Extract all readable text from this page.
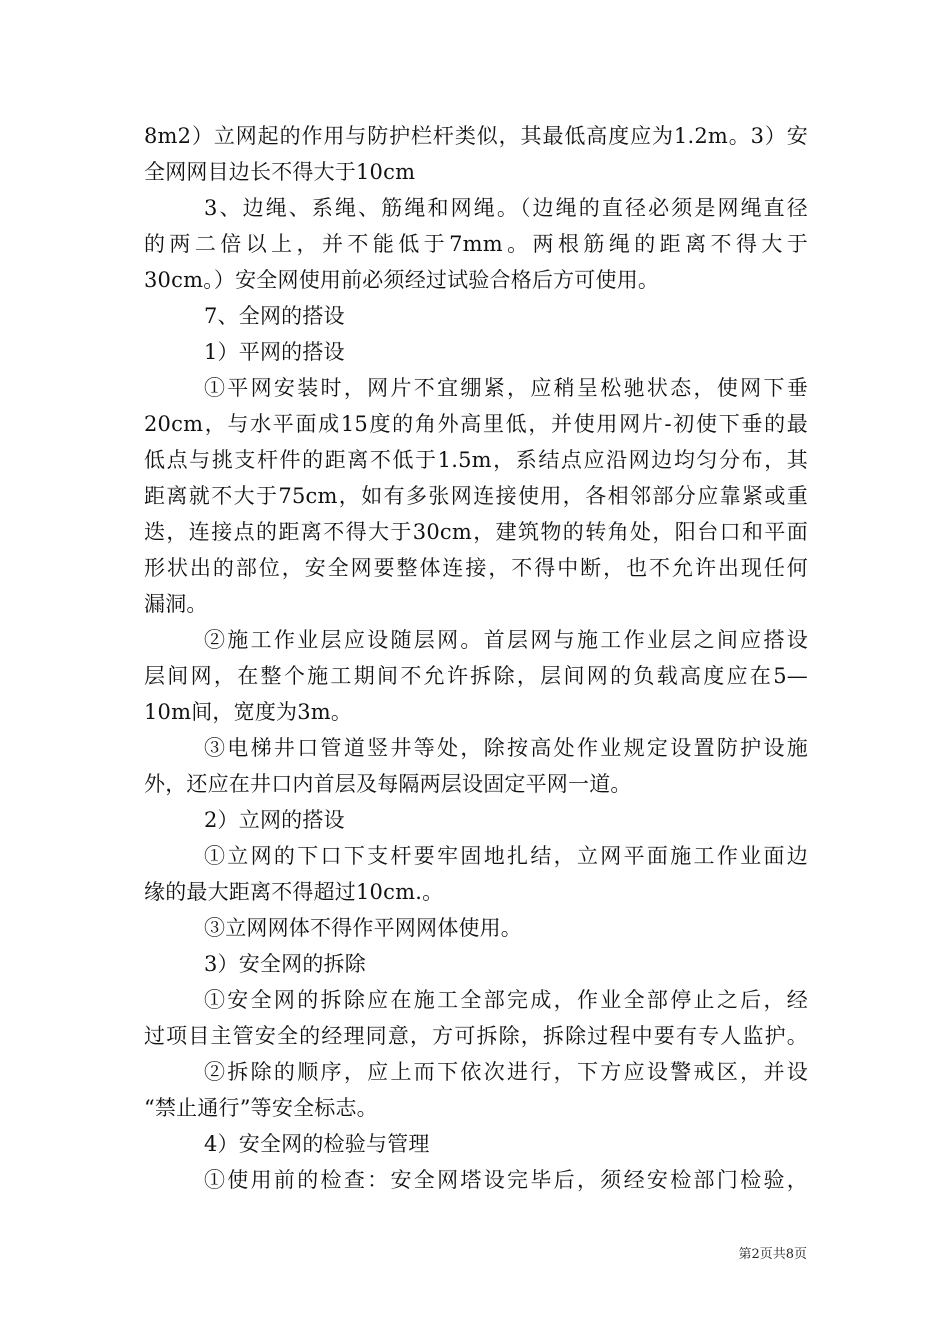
8m2）立网起的作用与防护栏杆类似，其最低高度应为1.2m。3）安
全网网目边长不得大于10cm
3、边绳、系绳、筋绳和网绳。（边绳的直径必须是网绳直径
的两二倍以上，并不能低于7mm。两根筋绳的距离不得大于
30cm。）安全网使用前必须经过试验合格后方可使用。
7、全网的搭设
1）平网的搭设
①平网安装时，网片不宜绷紧，应稍呈松驰状态，使网下垂
20cm，与水平面成15度的角外高里低，并使用网片-初使下垂的最
低点与挑支杆件的距离不低于1.5m，系结点应沿网边均匀分布，其
距离就不大于75cm，如有多张网连接使用，各相邻部分应靠紧或重
迭，连接点的距离不得大于30cm，建筑物的转角处，阳台口和平面
形状出的部位，安全网要整体连接，不得中断，也不允许出现任何
漏洞。
②施工作业层应设随层网。首层网与施工作业层之间应搭设
层间网，在整个施工期间不允许拆除，层间网的负载高度应在5—
10m间，宽度为3m。
③电梯井口管道竖井等处，除按高处作业规定设置防护设施
外，还应在井口内首层及每隔两层设固定平网一道。
2）立网的搭设
①立网的下口下支杆要牢固地扎结，立网平面施工作业面边
缘的最大距离不得超过10cm.。
③立网网体不得作平网网体使用。
3）安全网的拆除
①安全网的拆除应在施工全部完成，作业全部停止之后，经
过项目主管安全的经理同意，方可拆除，拆除过程中要有专人监护。
②拆除的顺序，应上而下依次进行，下方应设警戒区，并设
“禁止通行”等安全标志。
4）安全网的检验与管理
①使用前的检查：安全网塔设完毕后，须经安检部门检验，
第2页共8页
